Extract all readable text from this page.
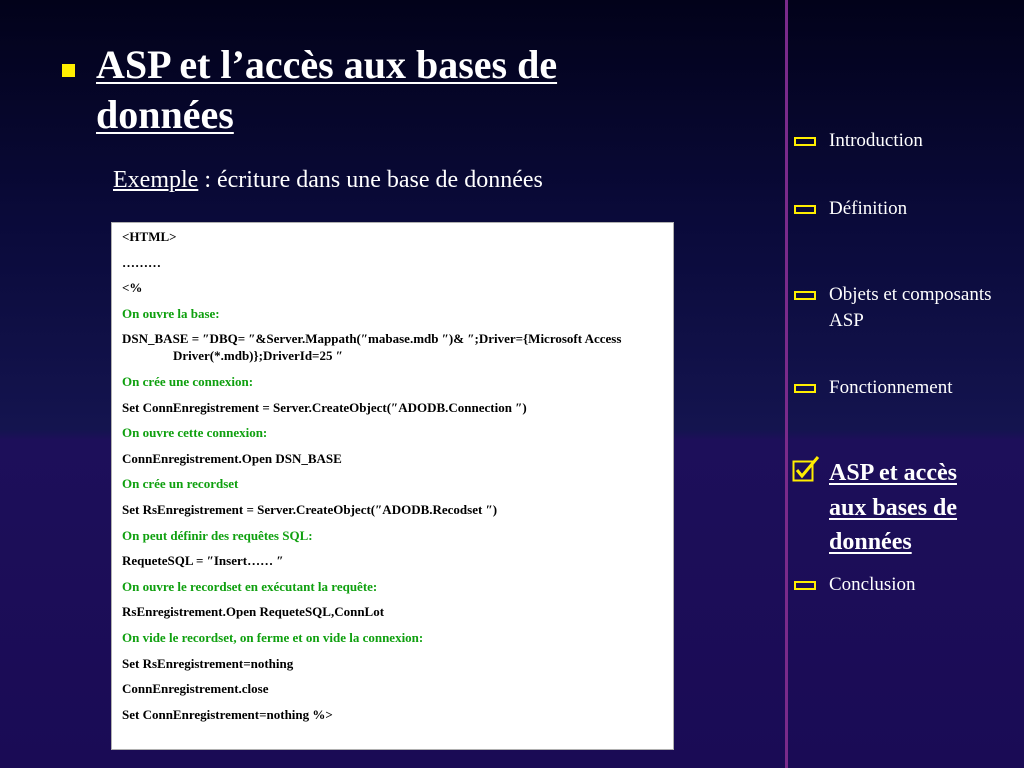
ASP et l’accès aux bases de données
Exemple : écriture dans une base de données
<HTML>
………
<%
On ouvre la base:
DSN_BASE = ″DBQ= ″&Server.Mappath(″mabase.mdb ″)& ″;Driver={Microsoft Access
Driver(*.mdb)};DriverId=25 ″
On crée une connexion:
Set ConnEnregistrement = Server.CreateObject(″ADODB.Connection ″)
On ouvre cette connexion:
ConnEnregistrement.Open DSN_BASE
On crée un recordset
Set RsEnregistrement = Server.CreateObject(″ADODB.Recodset ″)
On peut définir des requêtes SQL:
RequeteSQL = ″Insert…… ″
On ouvre le recordset en exécutant la requête:
RsEnregistrement.Open RequeteSQL,ConnLot
On vide le recordset, on ferme et on vide la connexion:
Set RsEnregistrement=nothing
ConnEnregistrement.close
Set ConnEnregistrement=nothing %>
Introduction
Définition
Objets et composants
ASP
Fonctionnement
ASP et accès
aux bases de
données
Conclusion
